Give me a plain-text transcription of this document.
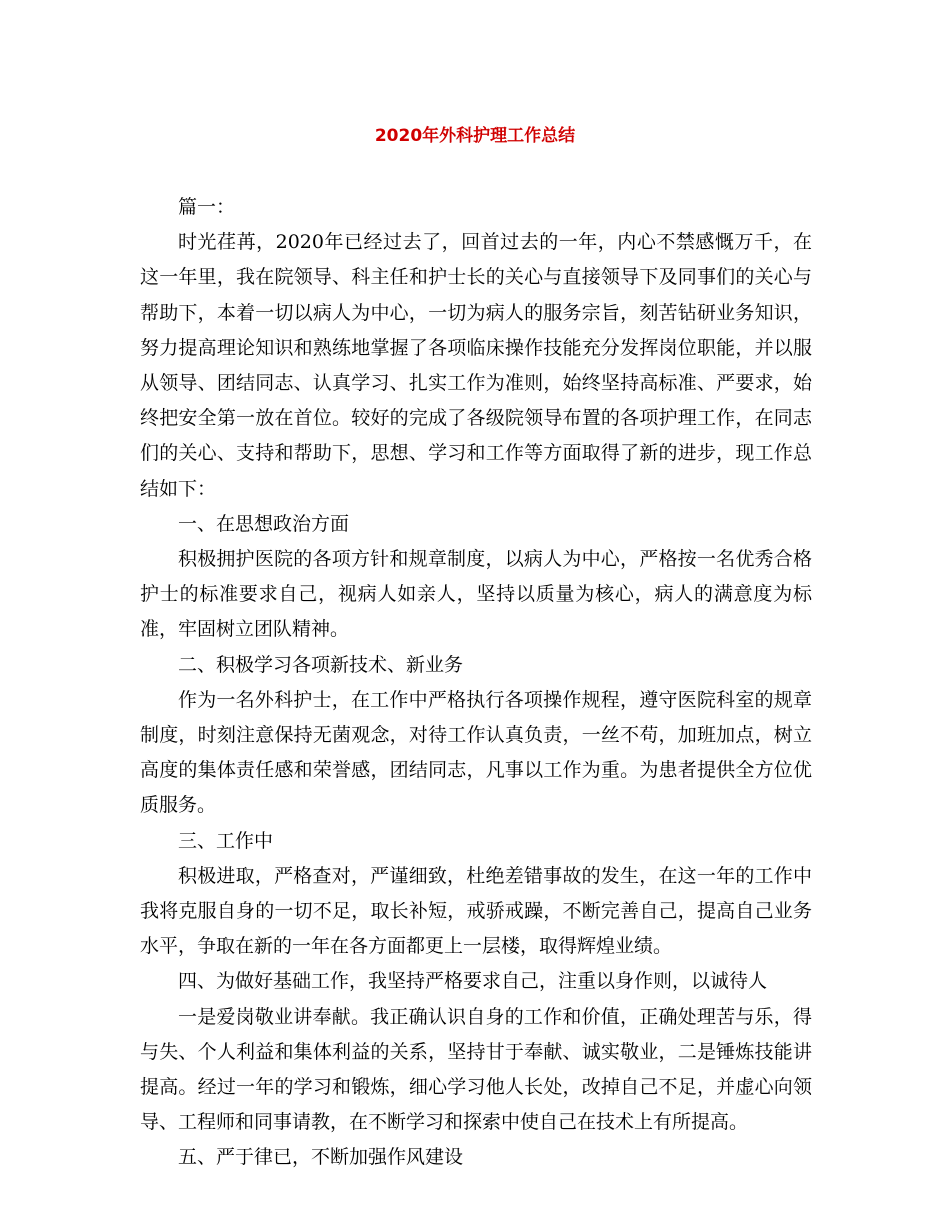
2020年外科护理工作总结

篇一：

时光荏苒，2020年已经过去了，回首过去的一年，内心不禁感慨万千，在这一年里，我在院领导、科主任和护士长的关心与直接领导下及同事们的关心与帮助下，本着一切以病人为中心，一切为病人的服务宗旨，刻苦钻研业务知识，努力提高理论知识和熟练地掌握了各项临床操作技能充分发挥岗位职能，并以服从领导、团结同志、认真学习、扎实工作为准则，始终坚持高标准、严要求，始终把安全第一放在首位。较好的完成了各级院领导布置的各项护理工作，在同志们的关心、支持和帮助下，思想、学习和工作等方面取得了新的进步，现工作总结如下：

一、在思想政治方面

积极拥护医院的各项方针和规章制度，以病人为中心，严格按一名优秀合格护士的标准要求自己，视病人如亲人，坚持以质量为核心，病人的满意度为标准，牢固树立团队精神。

二、积极学习各项新技术、新业务

作为一名外科护士，在工作中严格执行各项操作规程，遵守医院科室的规章制度，时刻注意保持无菌观念，对待工作认真负责，一丝不苟，加班加点，树立高度的集体责任感和荣誉感，团结同志，凡事以工作为重。为患者提供全方位优质服务。

三、工作中

积极进取，严格查对，严谨细致，杜绝差错事故的发生，在这一年的工作中我将克服自身的一切不足，取长补短，戒骄戒躁，不断完善自己，提高自己业务水平，争取在新的一年在各方面都更上一层楼，取得辉煌业绩。

四、为做好基础工作，我坚持严格要求自己，注重以身作则，以诚待人

一是爱岗敬业讲奉献。我正确认识自身的工作和价值，正确处理苦与乐，得与失、个人利益和集体利益的关系，坚持甘于奉献、诚实敬业，二是锤炼技能讲提高。经过一年的学习和锻炼，细心学习他人长处，改掉自己不足，并虚心向领导、工程师和同事请教，在不断学习和探索中使自己在技术上有所提高。

五、严于律已，不断加强作风建设
